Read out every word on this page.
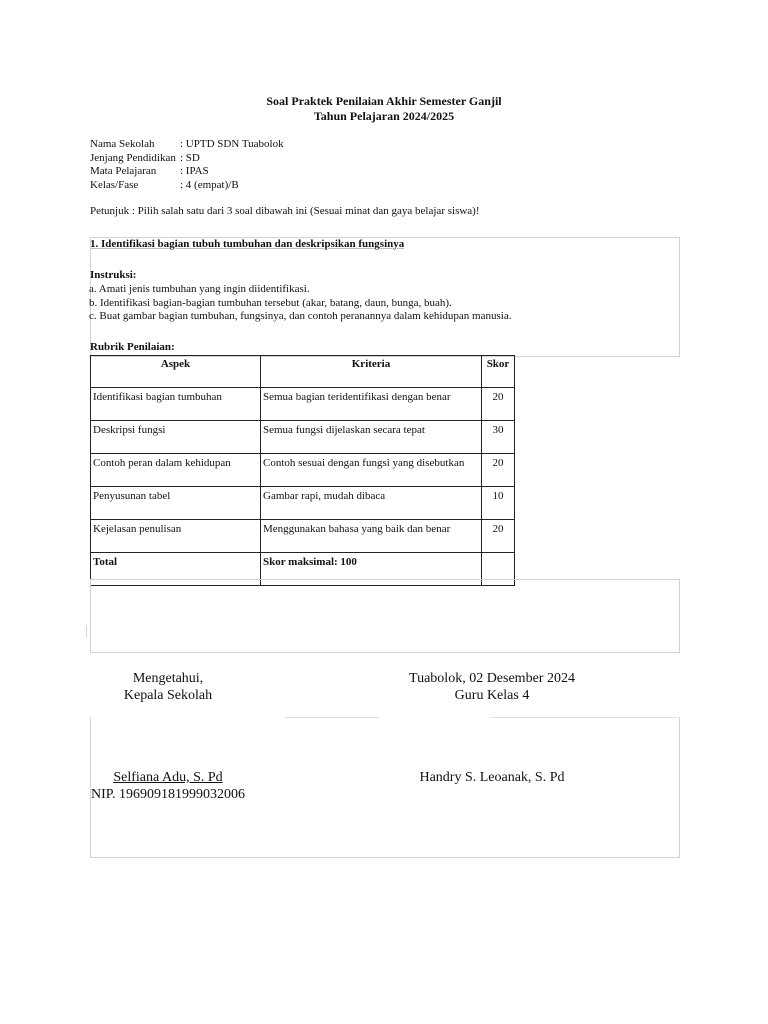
Soal Praktek Penilaian Akhir Semester Ganjil
Tahun Pelajaran 2024/2025
Nama Sekolah : UPTD SDN Tuabolok
Jenjang Pendidikan : SD
Mata Pelajaran : IPAS
Kelas/Fase	: 4 (empat)/B
Petunjuk : Pilih salah satu dari 3 soal dibawah ini (Sesuai minat dan gaya belajar siswa)!
1. Identifikasi bagian tubuh tumbuhan dan deskripsikan fungsinya
Instruksi:
a. Amati jenis tumbuhan yang ingin diidentifikasi.
b. Identifikasi bagian-bagian tumbuhan tersebut (akar, batang, daun, bunga, buah).
c. Buat gambar bagian tumbuhan, fungsinya, dan contoh peranannya dalam kehidupan manusia.
Rubrik Penilaian:
Aspek	Kriteria	Skor
Identifikasi bagian tumbuhan	Semua bagian teridentifikasi dengan benar	20
Deskripsi fungsi	Semua fungsi dijelaskan secara tepat	30
Contoh peran dalam kehidupan	Contoh sesuai dengan fungsi yang disebutkan	20
Penyusunan tabel	Gambar rapi, mudah dibaca	10
Kejelasan penulisan	Menggunakan bahasa yang baik dan benar	20
Total	Skor maksimal: 100	
Mengetahui,
Kepala Sekolah
Tuabolok, 02 Desember 2024
Guru Kelas 4
Selfiana Adu, S. Pd
NIP. 196909181999032006
Handry S. Leoanak, S. Pd
